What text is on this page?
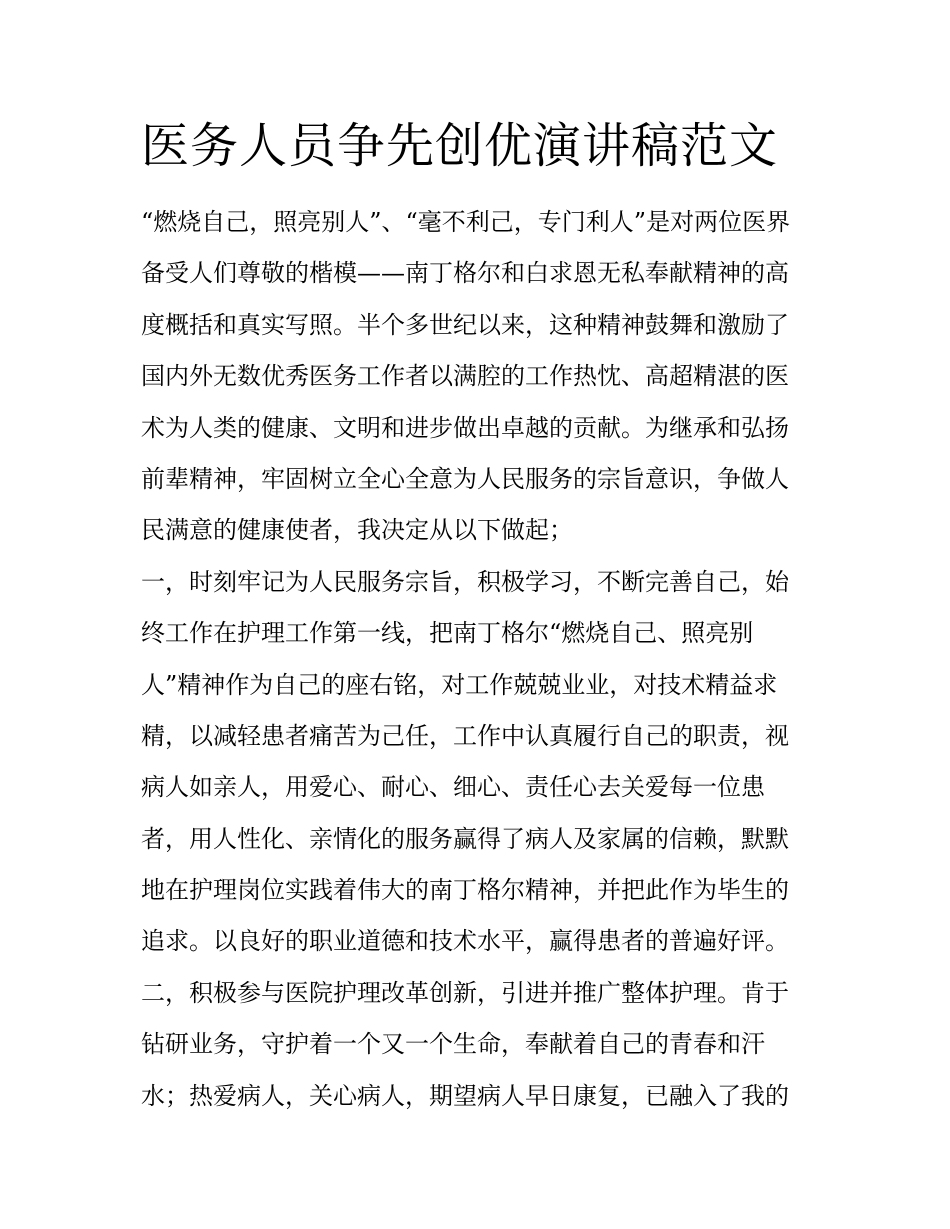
医务人员争先创优演讲稿范文
“燃烧自己，照亮别人”、“毫不利己，专门利人”是对两位医界
备受人们尊敬的楷模——南丁格尔和白求恩无私奉献精神的高
度概括和真实写照。半个多世纪以来，这种精神鼓舞和激励了
国内外无数优秀医务工作者以满腔的工作热忱、高超精湛的医
术为人类的健康、文明和进步做出卓越的贡献。为继承和弘扬
前辈精神，牢固树立全心全意为人民服务的宗旨意识，争做人
民满意的健康使者，我决定从以下做起；
一，时刻牢记为人民服务宗旨，积极学习，不断完善自己，始
终工作在护理工作第一线，把南丁格尔“燃烧自己、照亮别
人”精神作为自己的座右铭，对工作兢兢业业，对技术精益求
精，以减轻患者痛苦为己任，工作中认真履行自己的职责，视
病人如亲人，用爱心、耐心、细心、责任心去关爱每一位患
者，用人性化、亲情化的服务赢得了病人及家属的信赖，默默
地在护理岗位实践着伟大的南丁格尔精神，并把此作为毕生的
追求。以良好的职业道德和技术水平，赢得患者的普遍好评。
二，积极参与医院护理改革创新，引进并推广整体护理。肯于
钻研业务，守护着一个又一个生命，奉献着自己的青春和汗
水；热爱病人，关心病人，期望病人早日康复，已融入了我的
